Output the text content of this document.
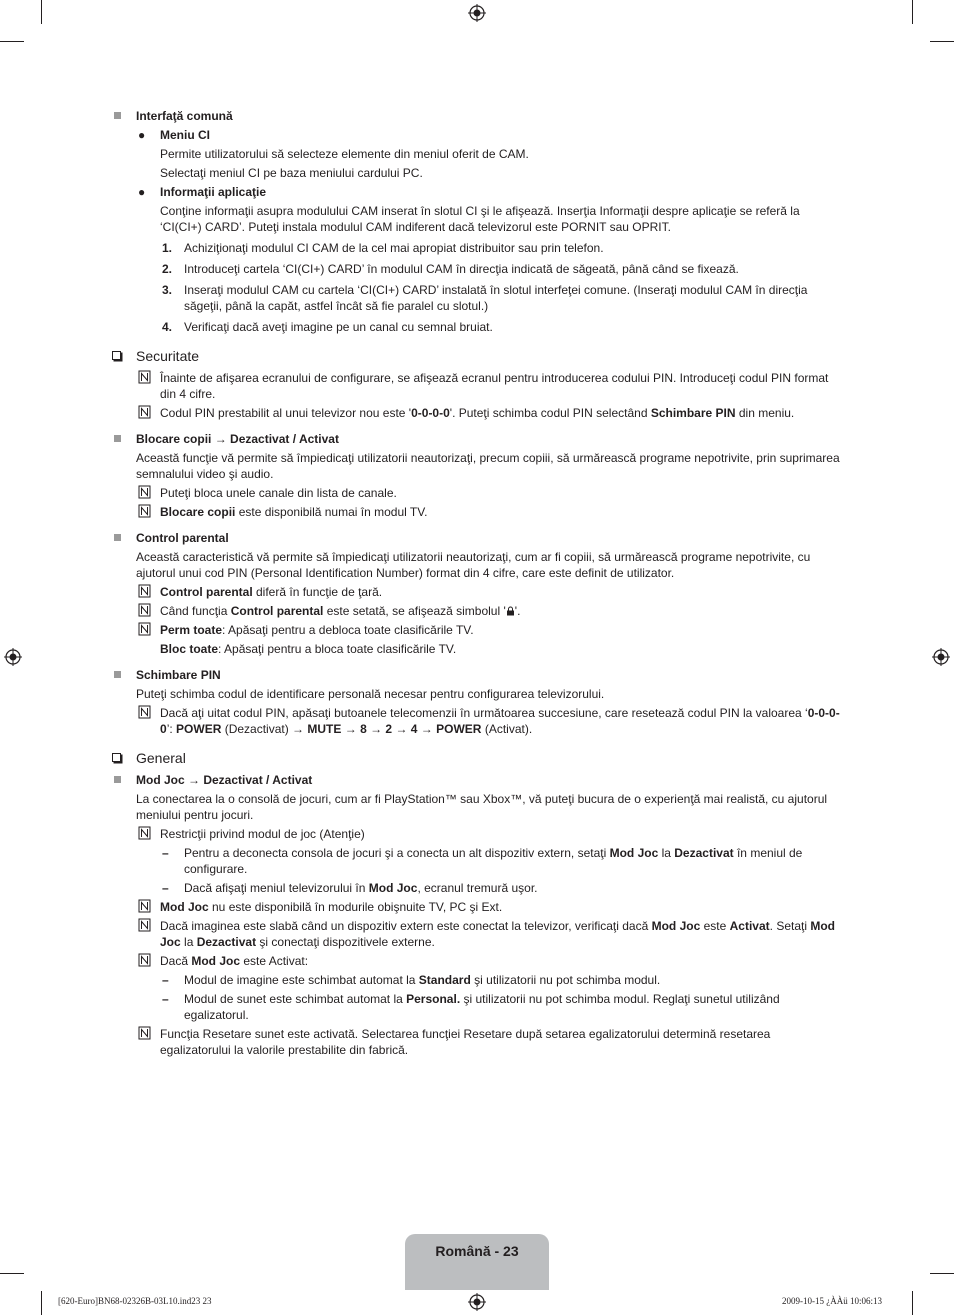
Interfaţă comună
● Meniu CI
Permite utilizatorului să selecteze elemente din meniul oferit de CAM.
Selectaţi meniul CI pe baza meniului cardului PC.
● Informaţii aplicaţie
Conţine informaţii asupra modulului CAM inserat în slotul CI şi le afişează. Inserţia Informaţii despre aplicaţie se referă la ‘CI(CI+) CARD’. Puteţi instala modulul CAM indiferent dacă televizorul este PORNIT sau OPRIT.
1. Achiziţionaţi modulul CI CAM de la cel mai apropiat distribuitor sau prin telefon.
2. Introduceţi cartela ‘CI(CI+) CARD’ în modulul CAM în direcţia indicată de săgeată, până când se fixează.
3. Inseraţi modulul CAM cu cartela ‘CI(CI+) CARD’ instalată în slotul interfeţei comune. (Inseraţi modulul CAM în direcţia săgeţii, până la capăt, astfel încât să fie paralel cu slotul.)
4. Verificaţi dacă aveţi imagine pe un canal cu semnal bruiat.
Securitate
Înainte de afişarea ecranului de configurare, se afişează ecranul pentru introducerea codului PIN. Introduceţi codul PIN format din 4 cifre.
Codul PIN prestabilit al unui televizor nou este '0-0-0-0'. Puteţi schimba codul PIN selectând Schimbare PIN din meniu.
Blocare copii → Dezactivat / Activat
Această funcţie vă permite să împiedicaţi utilizatorii neautorizaţi, precum copiii, să urmărească programe nepotrivite, prin suprimarea semnalului video şi audio.
Puteţi bloca unele canale din lista de canale.
Blocare copii este disponibilă numai în modul TV.
Control parental
Această caracteristică vă permite să împiedicaţi utilizatorii neautorizaţi, cum ar fi copiii, să urmărească programe nepotrivite, cu ajutorul unui cod PIN (Personal Identification Number) format din 4 cifre, care este definit de utilizator.
Control parental diferă în funcţie de ţară.
Când funcţia Control parental este setată, se afişează simbolul ' '.
Perm toate: Apăsaţi pentru a debloca toate clasificările TV.
Bloc toate: Apăsaţi pentru a bloca toate clasificările TV.
Schimbare PIN
Puteţi schimba codul de identificare personală necesar pentru configurarea televizorului.
Dacă aţi uitat codul PIN, apăsaţi butoanele telecomenzii în următoarea succesiune, care resetează codul PIN la valoarea ‘0-0-0-0’: POWER (Dezactivat) → MUTE → 8 → 2 → 4 → POWER (Activat).
General
Mod Joc → Dezactivat / Activat
La conectarea la o consolă de jocuri, cum ar fi PlayStation™ sau Xbox™, vă puteţi bucura de o experienţă mai realistă, cu ajutorul meniului pentru jocuri.
Restricţii privind modul de joc (Atenţie)
– Pentru a deconecta consola de jocuri şi a conecta un alt dispozitiv extern, setaţi Mod Joc la Dezactivat în meniul de configurare.
– Dacă afişaţi meniul televizorului în Mod Joc, ecranul tremură uşor.
Mod Joc nu este disponibilă în modurile obişnuite TV, PC şi Ext.
Dacă imaginea este slabă când un dispozitiv extern este conectat la televizor, verificaţi dacă Mod Joc este Activat. Setaţi Mod Joc la Dezactivat şi conectaţi dispozitivele externe.
Dacă Mod Joc este Activat:
– Modul de imagine este schimbat automat la Standard şi utilizatorii nu pot schimba modul.
– Modul de sunet este schimbat automat la Personal. şi utilizatorii nu pot schimba modul. Reglaţi sunetul utilizând egalizatorul.
Funcţia Resetare sunet este activată. Selectarea funcţiei Resetare după setarea egalizatorului determină resetarea egalizatorului la valorile prestabilite din fabrică.
Română - 23
[620-Eurо]BN68-02326B-03L10.ind23 23	2009-10-15 ¿ÀÀü 10:06:13
